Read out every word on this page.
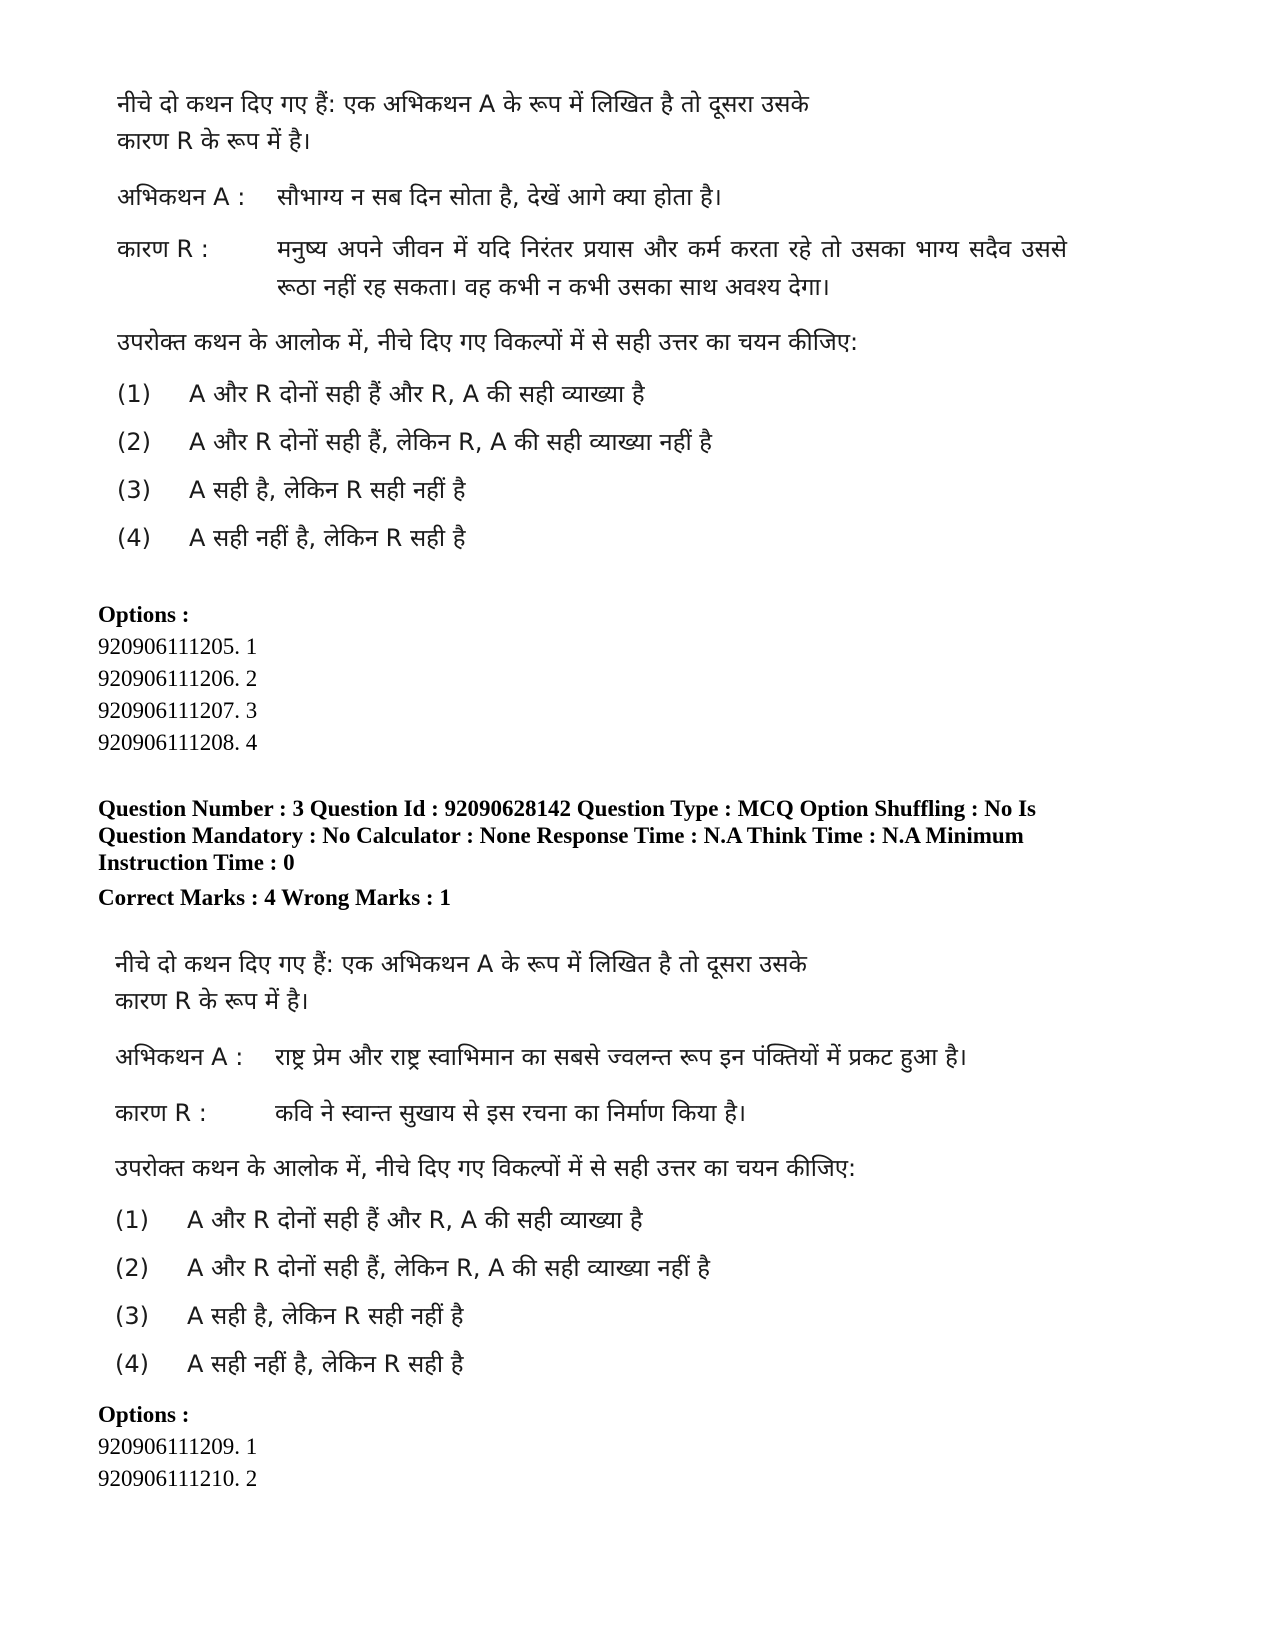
नीचे दो कथन दिए गए हैं: एक अभिकथन A के रूप में लिखित है तो दूसरा उसके
कारण R के रूप में है।

अभिकथन A :	सौभाग्य न सब दिन सोता है, देखें आगे क्या होता है।
कारण R :	मनुष्य अपने जीवन में यदि निरंतर प्रयास और कर्म करता रहे तो उसका भाग्य सदैव उससे रूठा नहीं रह सकता। वह कभी न कभी उसका साथ अवश्य देगा।

उपरोक्त कथन के आलोक में, नीचे दिए गए विकल्पों में से सही उत्तर का चयन कीजिए:

(1)	A और R दोनों सही हैं और R, A की सही व्याख्या है
(2)	A और R दोनों सही हैं, लेकिन R, A की सही व्याख्या नहीं है
(3)	A सही है, लेकिन R सही नहीं है
(4)	A सही नहीं है, लेकिन R सही है
Options :
920906111205. 1
920906111206. 2
920906111207. 3
920906111208. 4
Question Number : 3 Question Id : 92090628142 Question Type : MCQ Option Shuffling : No Is Question Mandatory : No Calculator : None Response Time : N.A Think Time : N.A Minimum Instruction Time : 0
Correct Marks : 4 Wrong Marks : 1

नीचे दो कथन दिए गए हैं: एक अभिकथन A के रूप में लिखित है तो दूसरा उसके
कारण R के रूप में है।

अभिकथन A :	राष्ट्र प्रेम और राष्ट्र स्वाभिमान का सबसे ज्वलन्त रूप इन पंक्तियों में प्रकट हुआ है।
कारण R :	कवि ने स्वान्त सुखाय से इस रचना का निर्माण किया है।

उपरोक्त कथन के आलोक में, नीचे दिए गए विकल्पों में से सही उत्तर का चयन कीजिए:

(1)	A और R दोनों सही हैं और R, A की सही व्याख्या है
(2)	A और R दोनों सही हैं, लेकिन R, A की सही व्याख्या नहीं है
(3)	A सही है, लेकिन R सही नहीं है
(4)	A सही नहीं है, लेकिन R सही है
Options :
920906111209. 1
920906111210. 2
